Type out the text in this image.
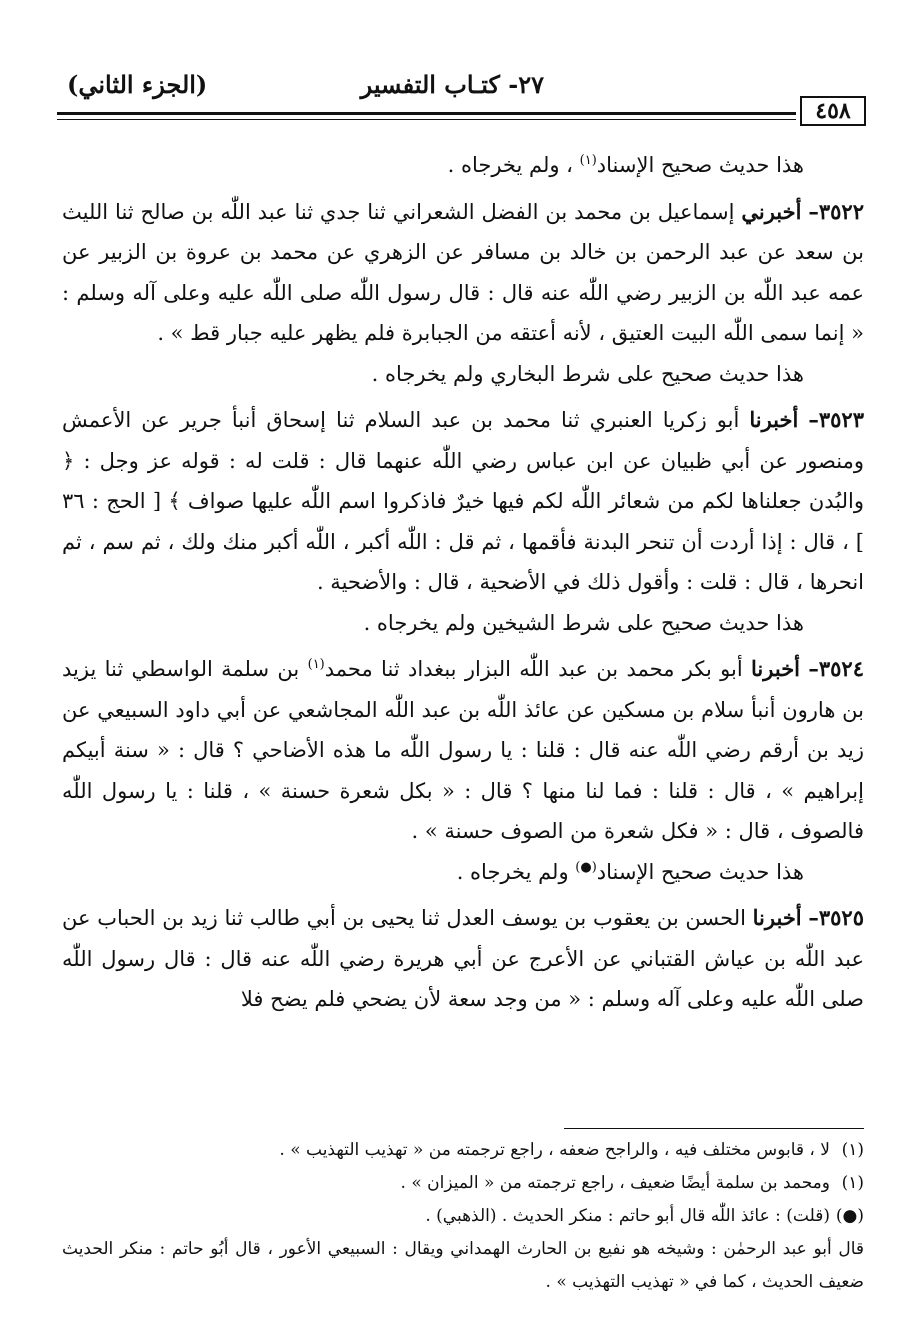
٢٧- كتـاب التفسير
(الجزء الثاني)
٤٥٨

هذا حديث صحيح الإسناد$^{(١)}$ ، ولم يخرجاه .

٣٥٢٢– أخبرني إسماعيل بن محمد بن الفضل الشعراني ثنا جدي ثنا عبد اللّٰه بن صالح ثنا الليث بن سعد عن عبد الرحمن بن خالد بن مسافر عن الزهري عن محمد بن عروة بن الزبير عن عمه عبد اللّٰه بن الزبير رضي اللّٰه عنه قال : قال رسول اللّٰه صلى اللّٰه عليه وعلى آله وسلم : « إنما سمى اللّٰه البيت العتيق ، لأنه أعتقه من الجبابرة فلم يظهر عليه جبار قط » .

هذا حديث صحيح على شرط البخاري ولم يخرجاه .

٣٥٢٣– أخبرنا أبو زكريا العنبري ثنا محمد بن عبد السلام ثنا إسحاق أنبأ جرير عن الأعمش ومنصور عن أبي ظبيان عن ابن عباس رضي اللّٰه عنهما قال : قلت له : قوله عز وجل : ﴿ والبُدن جعلناها لكم من شعائر اللّٰه لكم فيها خيرٌ فاذكروا اسم اللّٰه عليها صواف ﴾ [ الحج : ٣٦ ] ، قال : إذا أردت أن تنحر البدنة فأقمها ، ثم قل : اللّٰه أكبر ، اللّٰه أكبر منك ولك ، ثم سم ، ثم انحرها ، قال : قلت : وأقول ذلك في الأضحية ، قال : والأضحية .

هذا حديث صحيح على شرط الشيخين ولم يخرجاه .

٣٥٢٤– أخبرنا أبو بكر محمد بن عبد اللّٰه البزار ببغداد ثنا محمد$^{(١)}$ بن سلمة الواسطي ثنا يزيد بن هارون أنبأ سلام بن مسكين عن عائذ اللّٰه بن عبد اللّٰه المجاشعي عن أبي داود السبيعي عن زيد بن أرقم رضي اللّٰه عنه قال : قلنا : يا رسول اللّٰه ما هذه الأضاحي ؟ قال : « سنة أبيكم إبراهيم » ، قال : قلنا : فما لنا منها ؟ قال : « بكل شعرة حسنة » ، قلنا : يا رسول اللّٰه فالصوف ، قال : « فكل شعرة من الصوف حسنة » .

هذا حديث صحيح الإسناد(●) ولم يخرجاه .

٣٥٢٥– أخبرنا الحسن بن يعقوب بن يوسف العدل ثنا يحيى بن أبي طالب ثنا زيد بن الحباب عن عبد اللّٰه بن عياش القتباني عن الأعرج عن أبي هريرة رضي اللّٰه عنه قال : قال رسول اللّٰه صلى اللّٰه عليه وعلى آله وسلم : « من وجد سعة لأن يضحي فلم يضح فلا

(١)لا ، قابوس مختلف فيه ، والراجح ضعفه ، راجع ترجمته من « تهذيب التهذيب » .

(١)ومحمد بن سلمة أيضًا ضعيف ، راجع ترجمته من « الميزان » .

(●)(قلت) : عائذ اللّٰه قال أبو حاتم : منكر الحديث . (الذهبي) .

قال أبو عبد الرحمٰن : وشيخه هو نفيع بن الحارث الهمداني ويقال : السبيعي الأعور ، قال أبُو حاتم : منكر الحديث ضعيف الحديث ، كما في « تهذيب التهذيب » .
